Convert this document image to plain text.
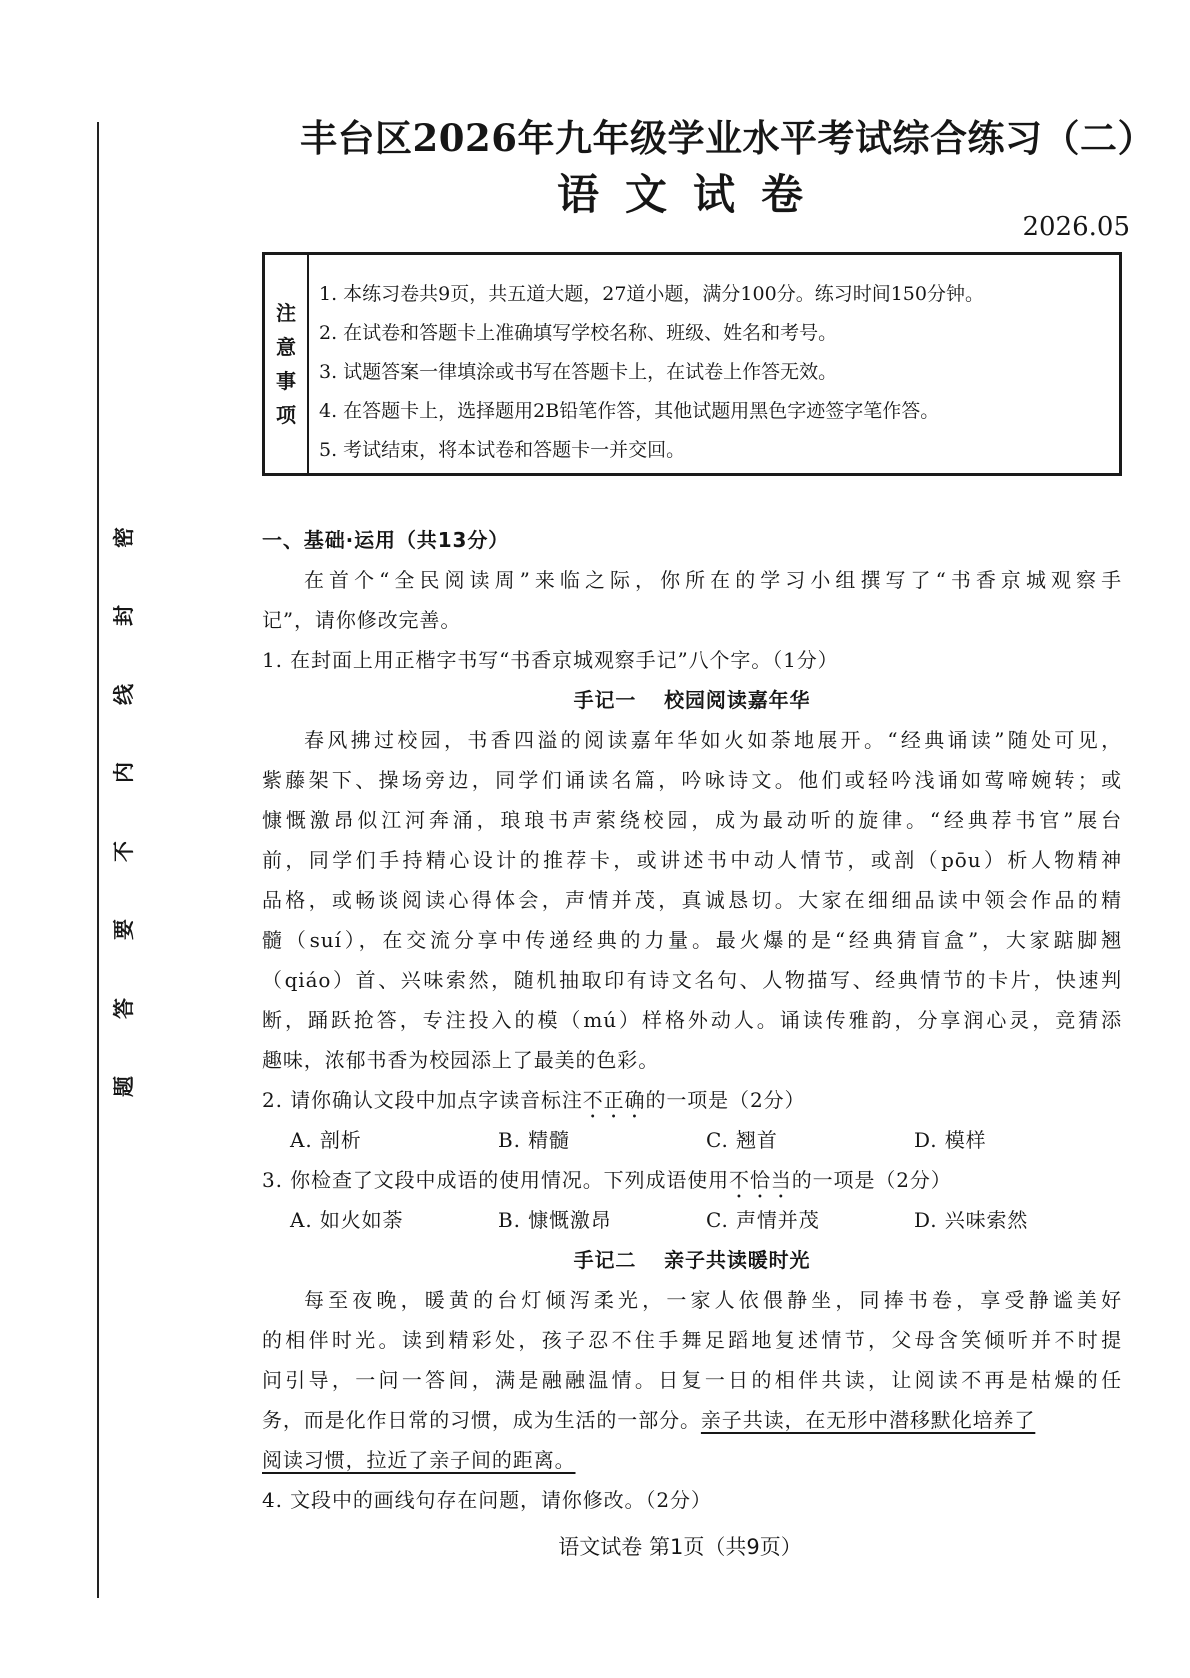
密
封
线
内
不
要
答
题
丰台区2026年九年级学业水平考试综合练习（二）
语文试卷
2026.05
注
意
事
项
1. 本练习卷共9页，共五道大题，27道小题，满分100分。练习时间150分钟。
2. 在试卷和答题卡上准确填写学校名称、班级、姓名和考号。
3. 试题答案一律填涂或书写在答题卡上，在试卷上作答无效。
4. 在答题卡上，选择题用2B铅笔作答，其他试题用黑色字迹签字笔作答。
5. 考试结束，将本试卷和答题卡一并交回。
一、基础·运用（共13分）
在首个“全民阅读周”来临之际，你所在的学习小组撰写了“书香京城观察手
记”，请你修改完善。
1. 在封面上用正楷字书写“书香京城观察手记”八个字。（1分）
手记一 校园阅读嘉年华
春风拂过校园，书香四溢的阅读嘉年华如火如荼地展开。“经典诵读”随处可见，
紫藤架下、操场旁边，同学们诵读名篇，吟咏诗文。他们或轻吟浅诵如莺啼婉转；或
慷慨激昂似江河奔涌，琅琅书声萦绕校园，成为最动听的旋律。“经典荐书官”展台
前，同学们手持精心设计的推荐卡，或讲述书中动人情节，或剖（pōu）析人物精神
品格，或畅谈阅读心得体会，声情并茂，真诚恳切。大家在细细品读中领会作品的精
髓（suí），在交流分享中传递经典的力量。最火爆的是“经典猜盲盒”，大家踮脚翘
（qiáo）首、兴味索然，随机抽取印有诗文名句、人物描写、经典情节的卡片，快速判
断，踊跃抢答，专注投入的模（mú）样格外动人。诵读传雅韵，分享润心灵，竞猜添
趣味，浓郁书香为校园添上了最美的色彩。
2. 请你确认文段中加点字读音标注不正确的一项是（2分）
A. 剖析	B. 精髓	C. 翘首	D. 模样
3. 你检查了文段中成语的使用情况。下列成语使用不恰当的一项是（2分）
A. 如火如荼	B. 慷慨激昂	C. 声情并茂	D. 兴味索然
手记二 亲子共读暖时光
每至夜晚，暖黄的台灯倾泻柔光，一家人依偎静坐，同捧书卷，享受静谧美好
的相伴时光。读到精彩处，孩子忍不住手舞足蹈地复述情节，父母含笑倾听并不时提
问引导，一问一答间，满是融融温情。日复一日的相伴共读，让阅读不再是枯燥的任
务，而是化作日常的习惯，成为生活的一部分。亲子共读，在无形中潜移默化培养了
阅读习惯，拉近了亲子间的距离。
4. 文段中的画线句存在问题，请你修改。（2分）
语文试卷 第1页（共9页）
